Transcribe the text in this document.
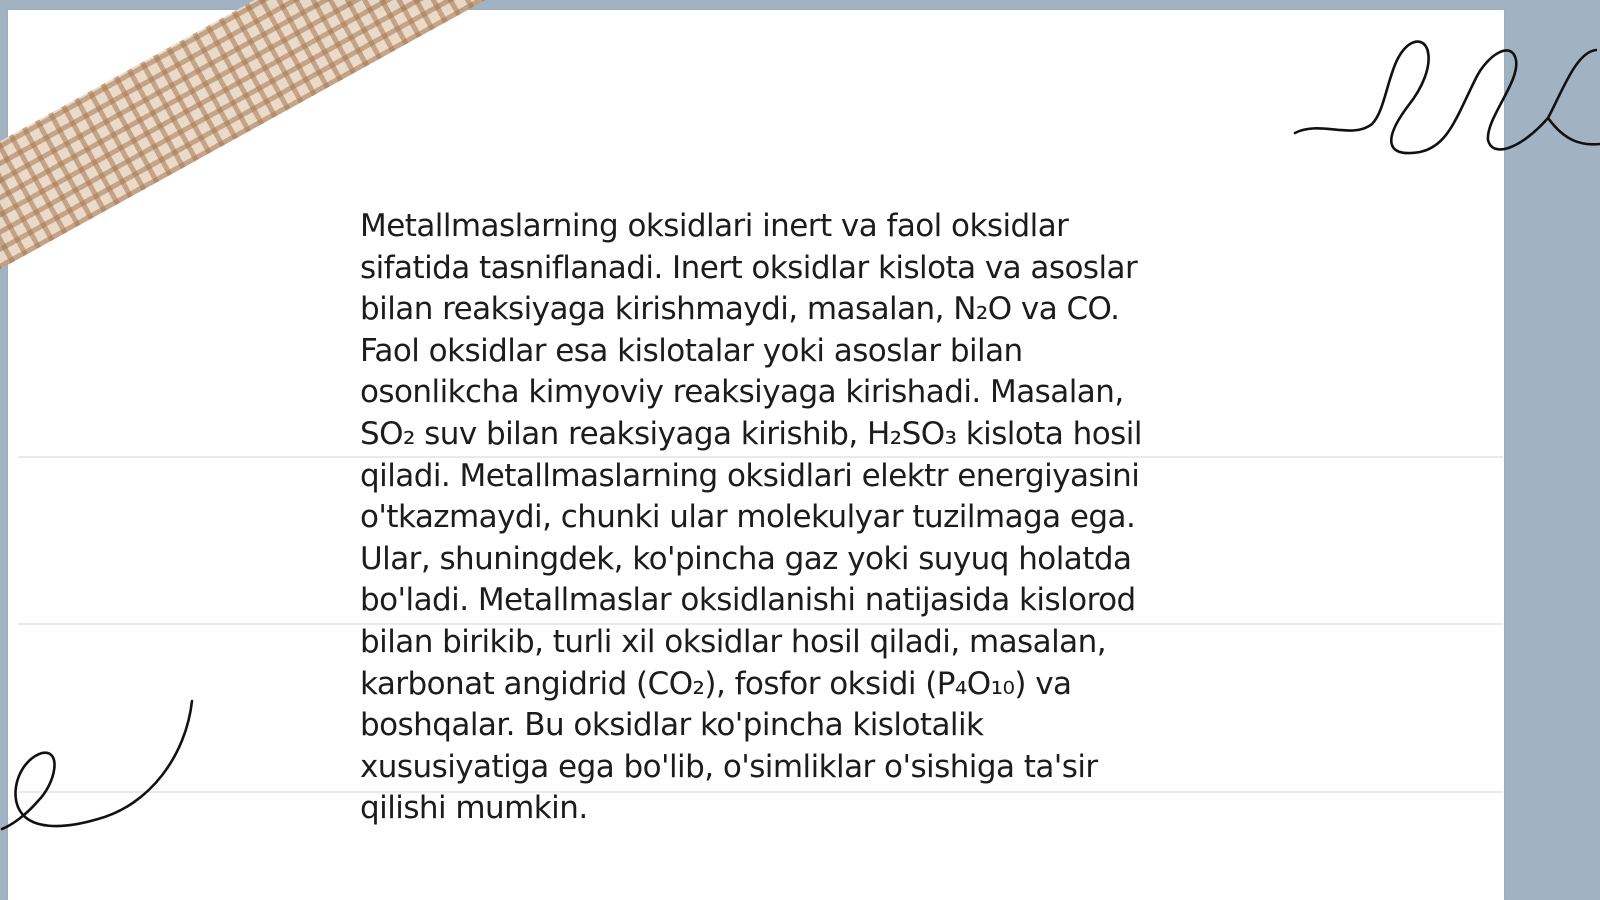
Metallmaslarning oksidlari inert va faol oksidlar
sifatida tasniflanadi. Inert oksidlar kislota va asoslar
bilan reaksiyaga kirishmaydi, masalan, N₂O va CO.
Faol oksidlar esa kislotalar yoki asoslar bilan
osonlikcha kimyoviy reaksiyaga kirishadi. Masalan,
SO₂ suv bilan reaksiyaga kirishib, H₂SO₃ kislota hosil
qiladi. Metallmaslarning oksidlari elektr energiyasini
o'tkazmaydi, chunki ular molekulyar tuzilmaga ega.
Ular, shuningdek, ko'pincha gaz yoki suyuq holatda
bo'ladi. Metallmaslar oksidlanishi natijasida kislorod
bilan birikib, turli xil oksidlar hosil qiladi, masalan,
karbonat angidrid (CO₂), fosfor oksidi (P₄O₁₀) va
boshqalar. Bu oksidlar ko'pincha kislotalik
xususiyatiga ega bo'lib, o'simliklar o'sishiga ta'sir
qilishi mumkin.
